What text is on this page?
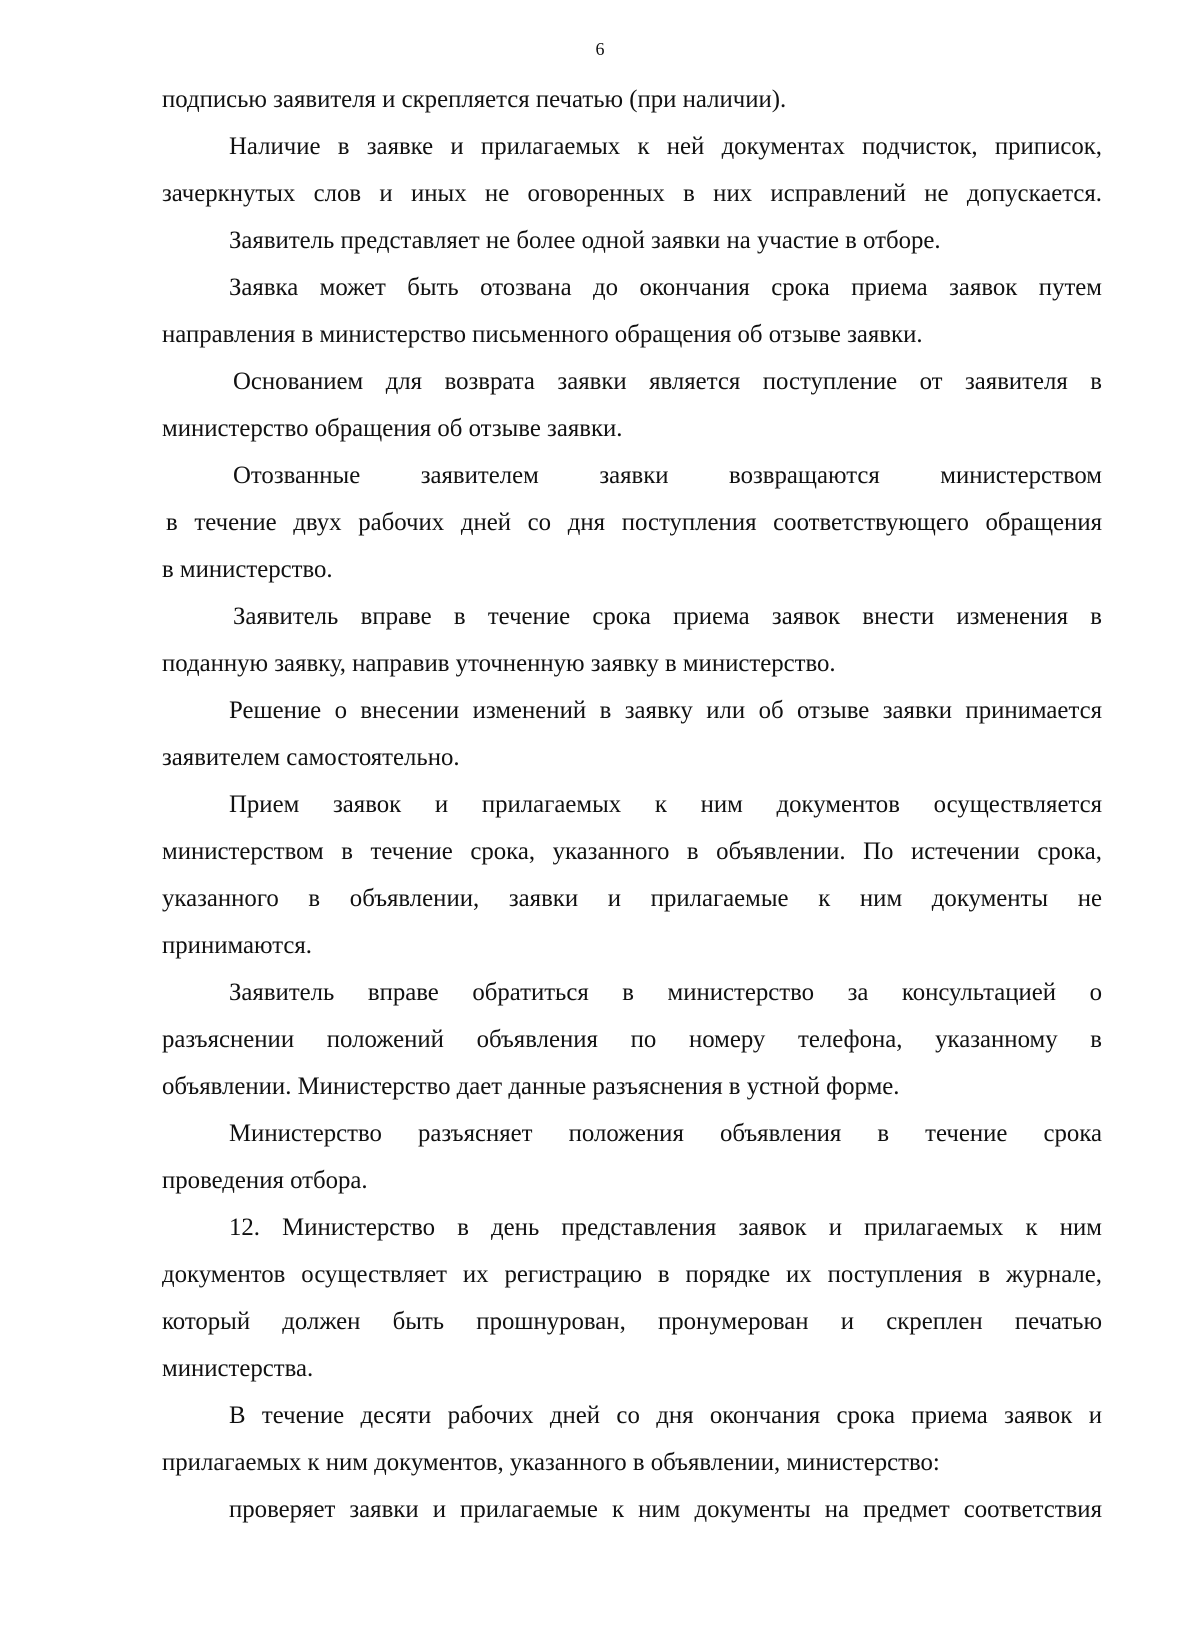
6
подписью заявителя и скрепляется печатью (при наличии).
Наличие в заявке и прилагаемых к ней документах подчисток, приписок,
зачеркнутых слов и иных не оговоренных в них исправлений не допускается.
Заявитель представляет не более одной заявки на участие в отборе.
Заявка может быть отозвана до окончания срока приема заявок путем
направления в министерство письменного обращения об отзыве заявки.
Основанием для возврата заявки является поступление от заявителя в
министерство обращения об отзыве заявки.
Отозванные заявителем заявки возвращаются министерством
в течение двух рабочих дней со дня поступления соответствующего обращения
в министерство.
Заявитель вправе в течение срока приема заявок внести изменения в
поданную заявку, направив уточненную заявку в министерство.
Решение о внесении изменений в заявку или об отзыве заявки принимается
заявителем самостоятельно.
Прием заявок и прилагаемых к ним документов осуществляется
министерством в течение срока, указанного в объявлении. По истечении срока,
указанного в объявлении, заявки и прилагаемые к ним документы не
принимаются.
Заявитель вправе обратиться в министерство за консультацией о
разъяснении положений объявления по номеру телефона, указанному в
объявлении. Министерство дает данные разъяснения в устной форме.
Министерство разъясняет положения объявления в течение срока
проведения отбора.
12. Министерство в день представления заявок и прилагаемых к ним
документов осуществляет их регистрацию в порядке их поступления в журнале,
который должен быть прошнурован, пронумерован и скреплен печатью
министерства.
В течение десяти рабочих дней со дня окончания срока приема заявок и
прилагаемых к ним документов, указанного в объявлении, министерство:
проверяет заявки и прилагаемые к ним документы на предмет соответствия
